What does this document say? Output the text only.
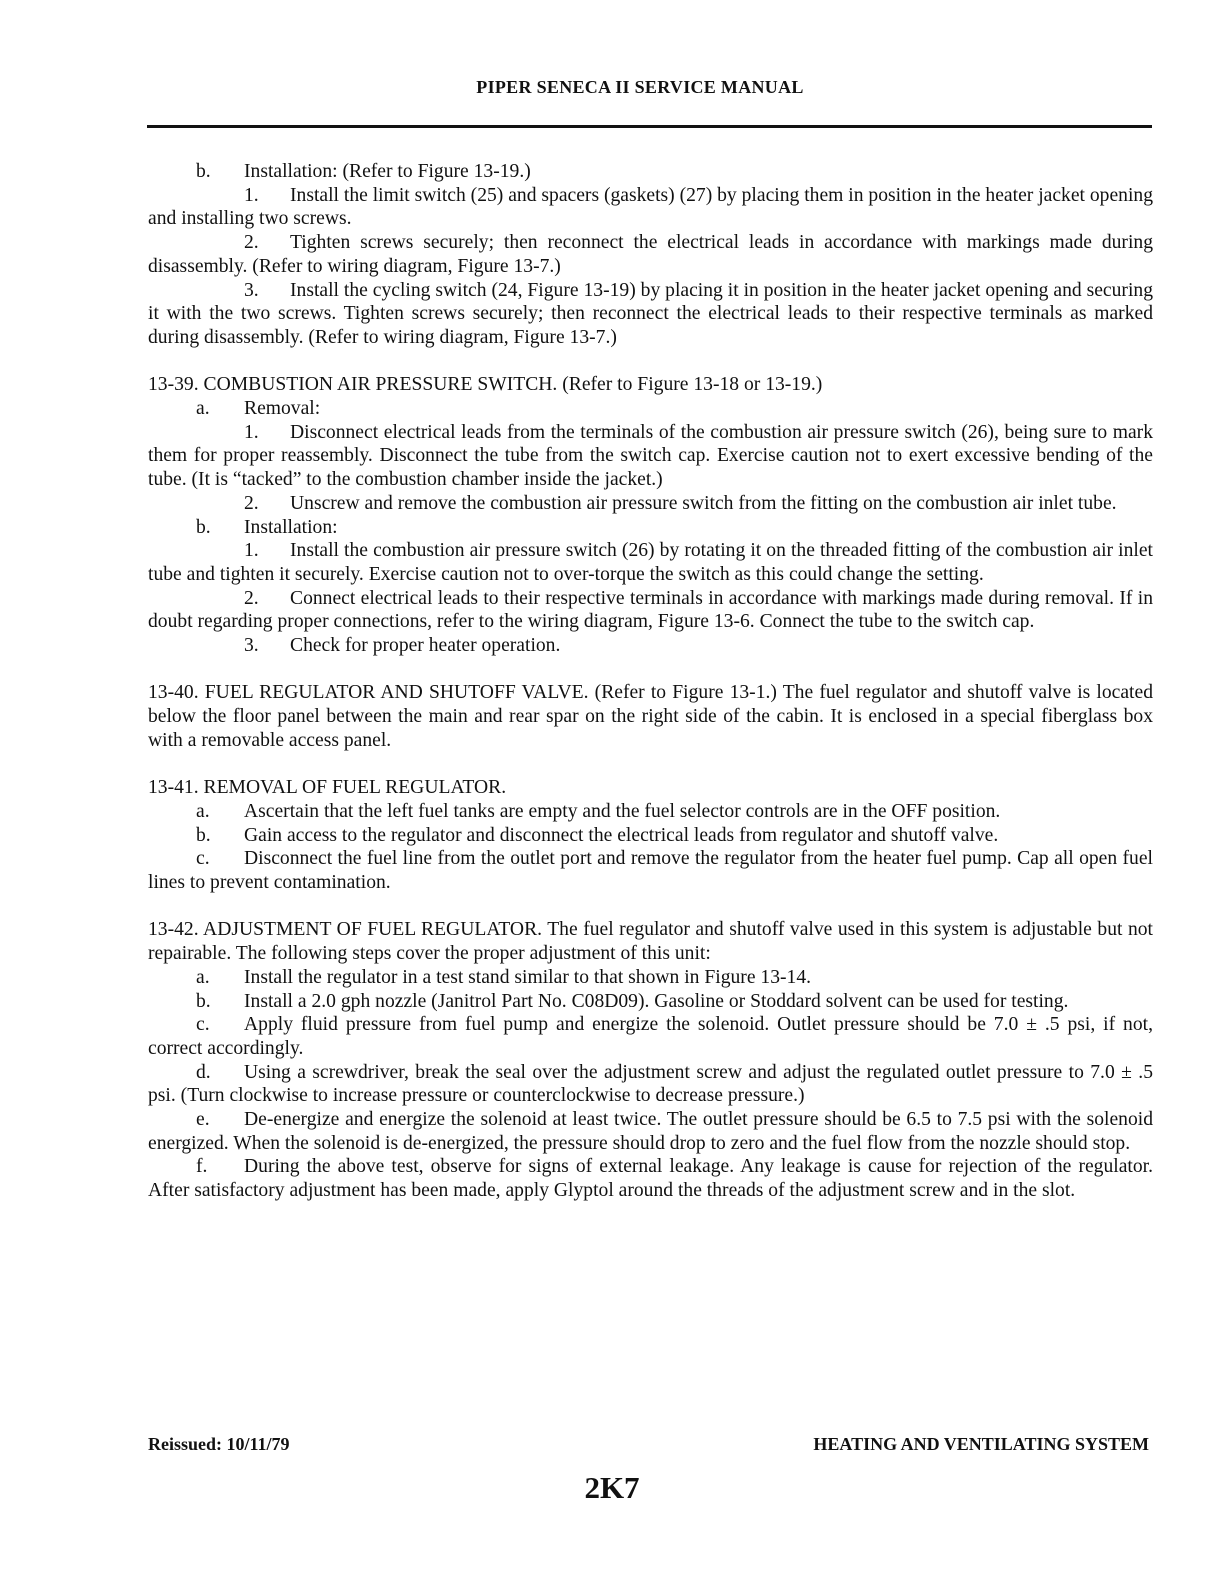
PIPER SENECA II SERVICE MANUAL

b. Installation: (Refer to Figure 13-19.)

1. Install the limit switch (25) and spacers (gaskets) (27) by placing them in position in the heater jacket opening and installing two screws.

2. Tighten screws securely; then reconnect the electrical leads in accordance with markings made during disassembly. (Refer to wiring diagram, Figure 13-7.)

3. Install the cycling switch (24, Figure 13-19) by placing it in position in the heater jacket opening and securing it with the two screws. Tighten screws securely; then reconnect the electrical leads to their respective terminals as marked during disassembly. (Refer to wiring diagram, Figure 13-7.)

13-39. COMBUSTION AIR PRESSURE SWITCH. (Refer to Figure 13-18 or 13-19.)

a. Removal:

1. Disconnect electrical leads from the terminals of the combustion air pressure switch (26), being sure to mark them for proper reassembly. Disconnect the tube from the switch cap. Exercise caution not to exert excessive bending of the tube. (It is “tacked” to the combustion chamber inside the jacket.)

2. Unscrew and remove the combustion air pressure switch from the fitting on the combustion air inlet tube.

b. Installation:

1. Install the combustion air pressure switch (26) by rotating it on the threaded fitting of the combustion air inlet tube and tighten it securely. Exercise caution not to over-torque the switch as this could change the setting.

2. Connect electrical leads to their respective terminals in accordance with markings made during removal. If in doubt regarding proper connections, refer to the wiring diagram, Figure 13-6. Connect the tube to the switch cap.

3. Check for proper heater operation.

13-40. FUEL REGULATOR AND SHUTOFF VALVE. (Refer to Figure 13-1.) The fuel regulator and shutoff valve is located below the floor panel between the main and rear spar on the right side of the cabin. It is enclosed in a special fiberglass box with a removable access panel.

13-41. REMOVAL OF FUEL REGULATOR.

a. Ascertain that the left fuel tanks are empty and the fuel selector controls are in the OFF position.

b. Gain access to the regulator and disconnect the electrical leads from regulator and shutoff valve.

c. Disconnect the fuel line from the outlet port and remove the regulator from the heater fuel pump. Cap all open fuel lines to prevent contamination.

13-42. ADJUSTMENT OF FUEL REGULATOR. The fuel regulator and shutoff valve used in this system is adjustable but not repairable. The following steps cover the proper adjustment of this unit:

a. Install the regulator in a test stand similar to that shown in Figure 13-14.

b. Install a 2.0 gph nozzle (Janitrol Part No. C08D09). Gasoline or Stoddard solvent can be used for testing.

c. Apply fluid pressure from fuel pump and energize the solenoid. Outlet pressure should be 7.0 ± .5 psi, if not, correct accordingly.

d. Using a screwdriver, break the seal over the adjustment screw and adjust the regulated outlet pressure to 7.0 ± .5 psi. (Turn clockwise to increase pressure or counterclockwise to decrease pressure.)

e. De-energize and energize the solenoid at least twice. The outlet pressure should be 6.5 to 7.5 psi with the solenoid energized. When the solenoid is de-energized, the pressure should drop to zero and the fuel flow from the nozzle should stop.

f. During the above test, observe for signs of external leakage. Any leakage is cause for rejection of the regulator. After satisfactory adjustment has been made, apply Glyptol around the threads of the adjustment screw and in the slot.

Reissued: 10/11/79	HEATING AND VENTILATING SYSTEM
2K7
